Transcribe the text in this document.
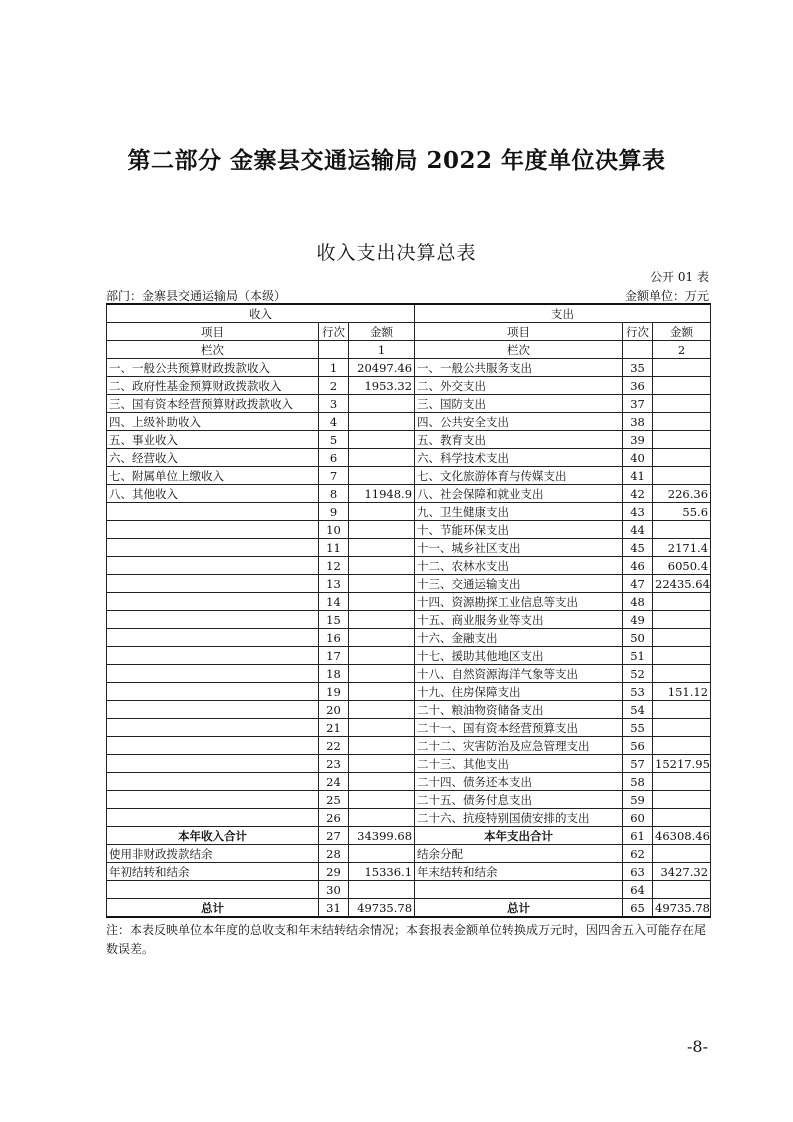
第二部分 金寨县交通运输局 2022 年度单位决算表
收入支出决算总表
公开 01 表
部门：金寨县交通运输局（本级）	金额单位：万元
收入			支出		
项目	行次	金额	项目	行次	金额
栏次		1	栏次		2
一、一般公共预算财政拨款收入	1	20497.46	一、一般公共服务支出	35	
二、政府性基金预算财政拨款收入	2	1953.32	二、外交支出	36	
三、国有资本经营预算财政拨款收入	3		三、国防支出	37	
四、上级补助收入	4		四、公共安全支出	38	
五、事业收入	5		五、教育支出	39	
六、经营收入	6		六、科学技术支出	40	
七、附属单位上缴收入	7		七、文化旅游体育与传媒支出	41	
八、其他收入	8	11948.9	八、社会保障和就业支出	42	226.36
	9		九、卫生健康支出	43	55.6
	10		十、节能环保支出	44	
	11		十一、城乡社区支出	45	2171.4
	12		十二、农林水支出	46	6050.4
	13		十三、交通运输支出	47	22435.64
	14		十四、资源勘探工业信息等支出	48	
	15		十五、商业服务业等支出	49	
	16		十六、金融支出	50	
	17		十七、援助其他地区支出	51	
	18		十八、自然资源海洋气象等支出	52	
	19		十九、住房保障支出	53	151.12
	20		二十、粮油物资储备支出	54	
	21		二十一、国有资本经营预算支出	55	
	22		二十二、灾害防治及应急管理支出	56	
	23		二十三、其他支出	57	15217.95
	24		二十四、债务还本支出	58	
	25		二十五、债务付息支出	59	
	26		二十六、抗疫特别国债安排的支出	60	
本年收入合计	27	34399.68	本年支出合计	61	46308.46
使用非财政拨款结余	28		结余分配	62	
年初结转和结余	29	15336.1	年末结转和结余	63	3427.32
	30			64	
总计	31	49735.78	总计	65	49735.78
注：本表反映单位本年度的总收支和年末结转结余情况；本套报表金额单位转换成万元时，因四舍五入可能存在尾数误差。
-8-
